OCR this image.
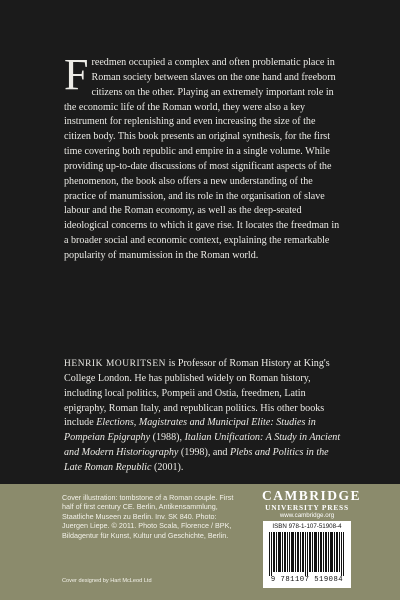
Freedmen occupied a complex and often problematic place in Roman society between slaves on the one hand and freeborn citizens on the other. Playing an extremely important role in the economic life of the Roman world, they were also a key instrument for replenishing and even increasing the size of the citizen body. This book presents an original synthesis, for the first time covering both republic and empire in a single volume. While providing up-to-date discussions of most significant aspects of the phenomenon, the book also offers a new understanding of the practice of manumission, and its role in the organisation of slave labour and the Roman economy, as well as the deep-seated ideological concerns to which it gave rise. It locates the freedman in a broader social and economic context, explaining the remarkable popularity of manumission in the Roman world.

HENRIK MOURITSEN is Professor of Roman History at King's College London. He has published widely on Roman history, including local politics, Pompeii and Ostia, freedmen, Latin epigraphy, Roman Italy, and republican politics. His other books include Elections, Magistrates and Municipal Elite: Studies in Pompeian Epigraphy (1988), Italian Unification: A Study in Ancient and Modern Historiography (1998), and Plebs and Politics in the Late Roman Republic (2001).

Cover illustration: tombstone of a Roman couple. First half of first century CE. Berlin, Antikensammlung, Staatliche Museen zu Berlin. Inv. SK 840. Photo: Juergen Liepe. © 2011. Photo Scala, Florence / BPK, Bildagentur für Kunst, Kultur und Geschichte, Berlin.

Cover designed by Hart McLeod Ltd
CAMBRIDGE
UNIVERSITY PRESS
www.cambridge.org
ISBN 978-1-107-51908-4
9 781107 519084
